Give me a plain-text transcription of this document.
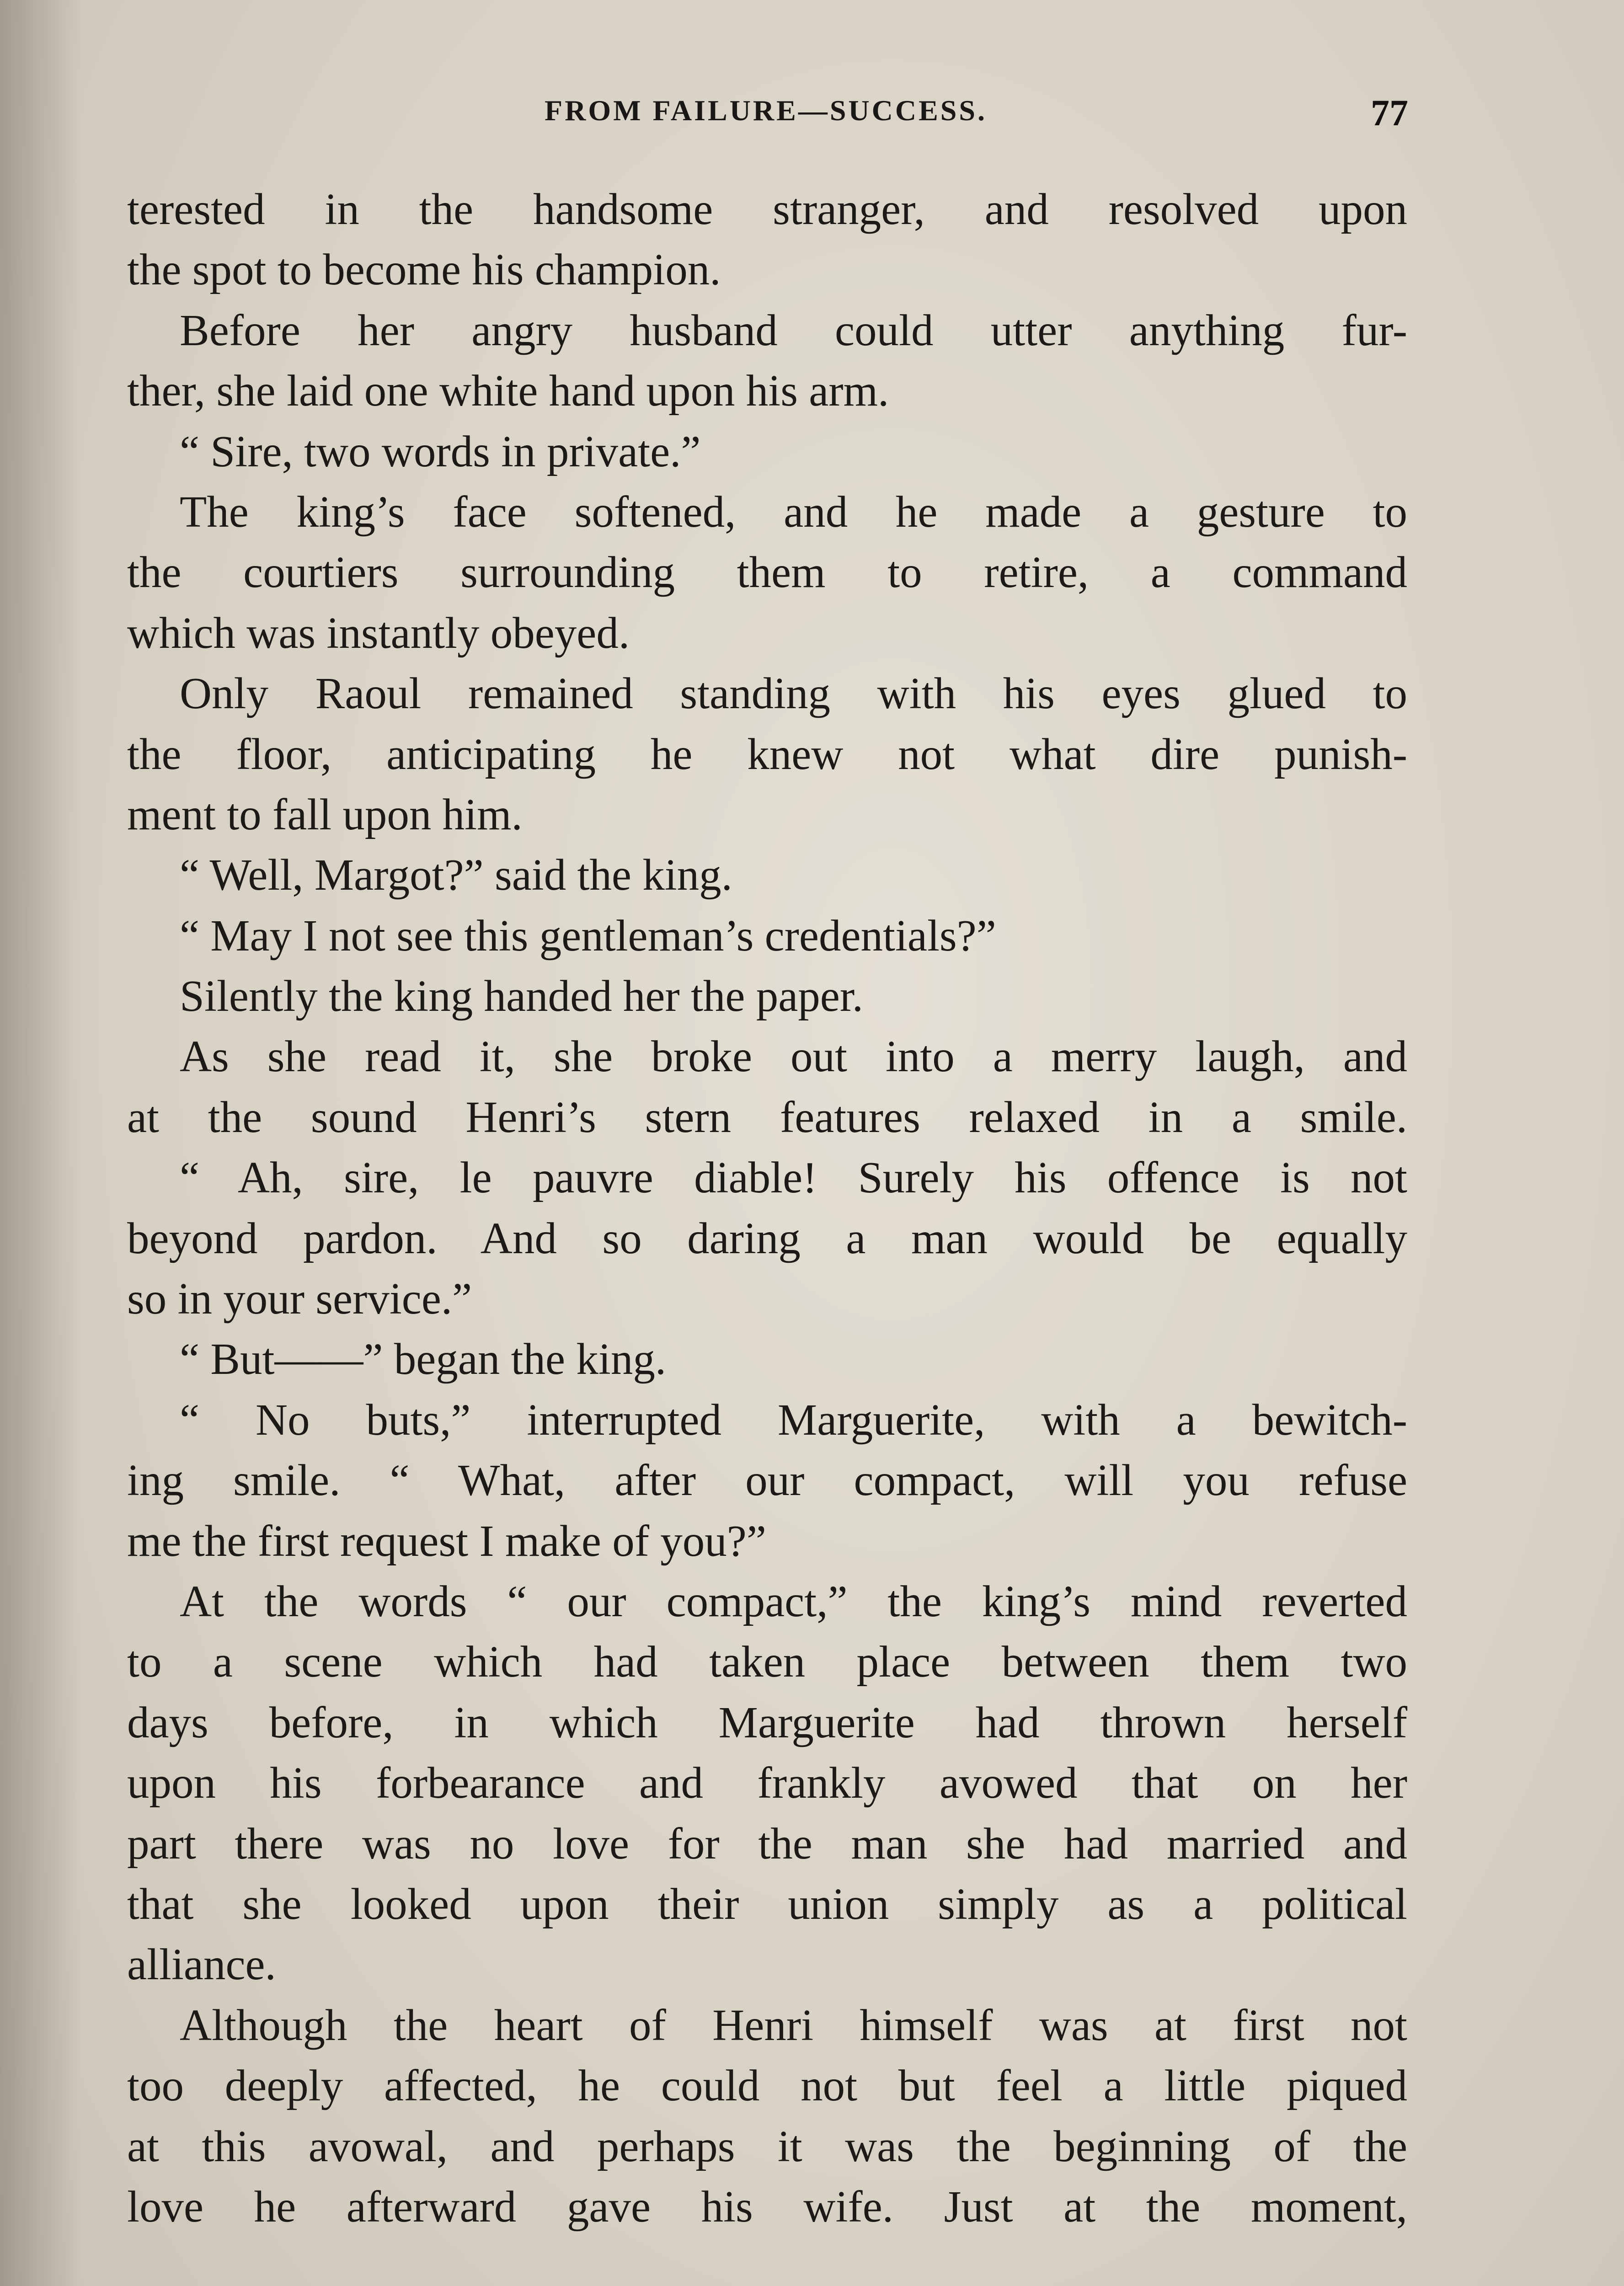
FROM FAILURE—SUCCESS.	77
terested in the handsome stranger, and resolved upon
the spot to become his champion.
Before her angry husband could utter anything fur-
ther, she laid one white hand upon his arm.
“ Sire, two words in private.”
The king’s face softened, and he made a gesture to
the courtiers surrounding them to retire, a command
which was instantly obeyed.
Only Raoul remained standing with his eyes glued to
the floor, anticipating he knew not what dire punish-
ment to fall upon him.
“ Well, Margot?” said the king.
“ May I not see this gentleman’s credentials?”
Silently the king handed her the paper.
As she read it, she broke out into a merry laugh, and
at the sound Henri’s stern features relaxed in a smile.
“ Ah, sire, le pauvre diable! Surely his offence is not
beyond pardon. And so daring a man would be equally
so in your service.”
“ But——” began the king.
“ No buts,” interrupted Marguerite, with a bewitch-
ing smile. “ What, after our compact, will you refuse
me the first request I make of you?”
At the words “ our compact,” the king’s mind reverted
to a scene which had taken place between them two
days before, in which Marguerite had thrown herself
upon his forbearance and frankly avowed that on her
part there was no love for the man she had married and
that she looked upon their union simply as a political
alliance.
Although the heart of Henri himself was at first not
too deeply affected, he could not but feel a little piqued
at this avowal, and perhaps it was the beginning of the
love he afterward gave his wife. Just at the moment,
